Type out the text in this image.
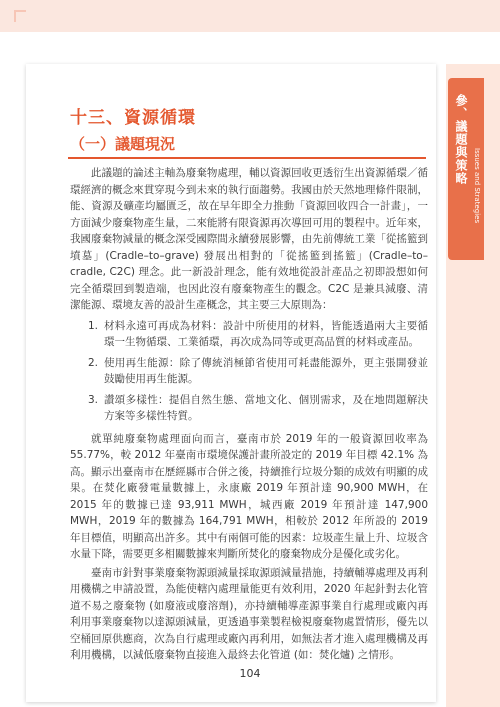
參、議題與策略
Issues and Strategies
十三、資源循環
（一）議題現況

此議題的論述主軸為廢棄物處理，輔以資源回收更透衍生出資源循環／循環經濟的概念來貫穿現今到未來的執行面趨勢。我國由於天然地理條件限制，能、資源及礦產均屬匱乏，故在早年即全力推動「資源回收四合一計畫」，一方面減少廢棄物產生量，二來能將有限資源再次導回可用的製程中。近年來，我國廢棄物減量的概念深受國際間永續發展影響，由先前傳統工業「從搖籃到墳墓」(Cradle–to–grave) 發展出相對的「從搖籃到搖籃」(Cradle–to–cradle, C2C) 理念。此一新設計理念，能有效地從設計產品之初即設想如何完全循環回到製造端，也因此沒有廢棄物產生的觀念。C2C 是兼具減廢、清潔能源、環境友善的設計生產概念，其主要三大原則為：

1. 材料永遠可再成為材料：設計中所使用的材料，皆能透過兩大主要循環一生物循環、工業循環，再次成為同等或更高品質的材料或產品。
2. 使用再生能源：除了傳統消極節省使用可耗盡能源外，更主張開發並鼓勵使用再生能源。
3. 讚頌多樣性：提倡自然生態、當地文化、個別需求，及在地問題解決方案等多樣性特質。

就單純廢棄物處理面向而言，臺南市於 2019 年的一般資源回收率為 55.77%，較 2012 年臺南市環境保護計畫所設定的 2019 年目標 42.1% 為高。顯示出臺南市在歷經縣市合併之後，持續推行垃圾分類的成效有明顯的成果。在焚化廠發電量數據上，永康廠 2019 年預計達 90,900 MWH，在 2015 年的數據已達 93,911 MWH，城西廠 2019 年預計達 147,900 MWH，2019 年的數據為 164,791 MWH，相較於 2012 年所設的 2019 年目標值，明顯高出許多。其中有兩個可能的因素：垃圾產生量上升、垃圾含水量下降，需要更多相關數據來判斷所焚化的廢棄物成分是優化或劣化。

臺南市針對事業廢棄物源頭減量採取源頭減量措施，持續輔導處理及再利用機構之申請設置，為能使轄內處理量能更有效利用，2020 年起針對去化管道不易之廢棄物 (如廢液或廢溶劑)，亦持續輔導產源事業自行處理或廠內再利用事業廢棄物以達源頭減量，更透過事業製程檢視廢棄物處置情形，優先以空桶回原供應商，次為自行處理或廠內再利用，如無法者才進入處理機構及再利用機構，以減低廢棄物直接進入最終去化管道 (如：焚化爐) 之情形。

104
